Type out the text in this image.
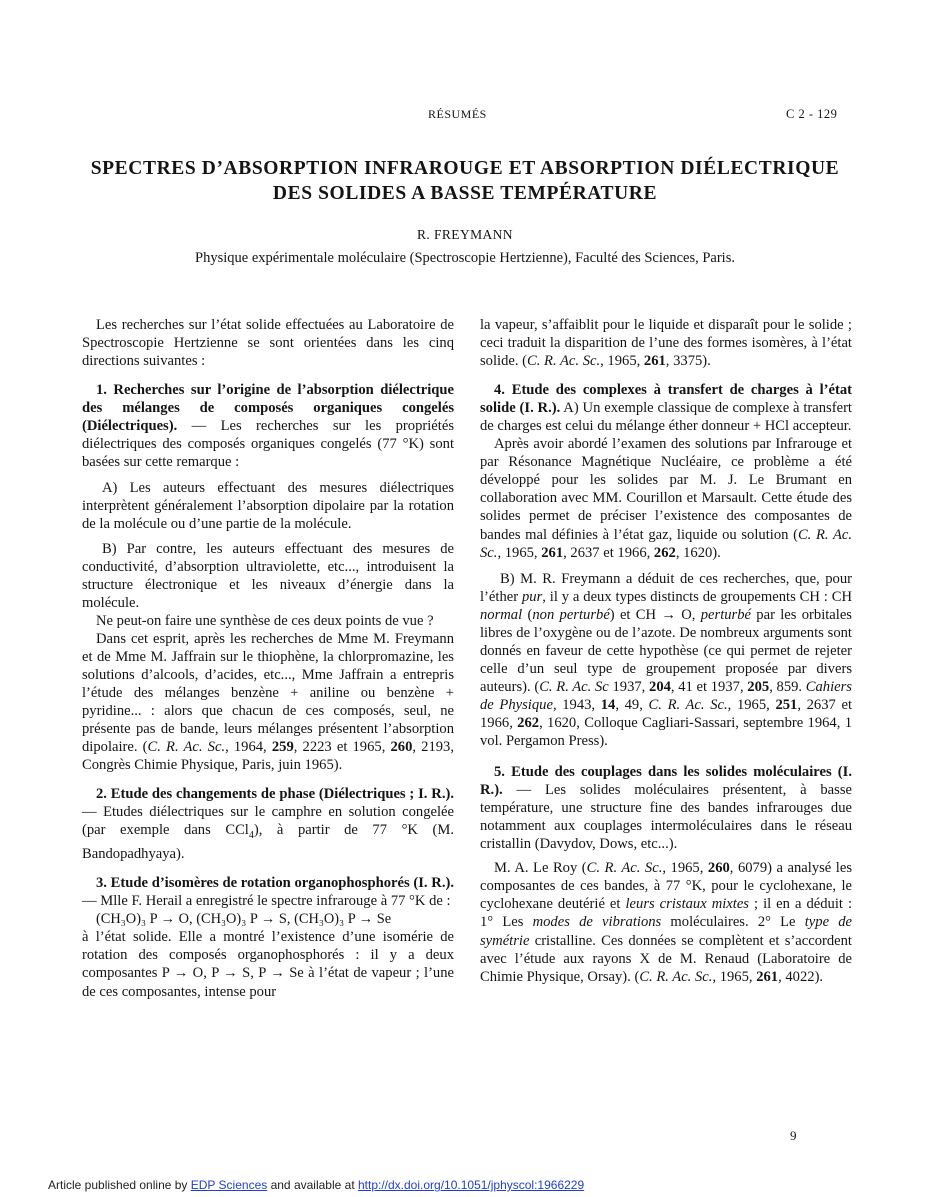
RÉSUMÉS	C 2 - 129
SPECTRES D’ABSORPTION INFRAROUGE ET ABSORPTION DIÉLECTRIQUE
DES SOLIDES A BASSE TEMPÉRATURE
R. FREYMANN
Physique expérimentale moléculaire (Spectroscopie Hertzienne), Faculté des Sciences, Paris.

Les recherches sur l’état solide effectuées au Laboratoire de Spectroscopie Hertzienne se sont orientées dans les cinq directions suivantes :

1. Recherches sur l’origine de l’absorption diélectrique des mélanges de composés organiques congelés (Diélectriques). — Les recherches sur les propriétés diélectriques des composés organiques congelés (77 °K) sont basées sur cette remarque :

A) Les auteurs effectuant des mesures diélectriques interprètent généralement l’absorption dipolaire par la rotation de la molécule ou d’une partie de la molécule.

B) Par contre, les auteurs effectuant des mesures de conductivité, d’absorption ultraviolette, etc..., introduisent la structure électronique et les niveaux d’énergie dans la molécule.

Ne peut-on faire une synthèse de ces deux points de vue ?

Dans cet esprit, après les recherches de Mme M. Freymann et de Mme M. Jaffrain sur le thiophène, la chlorpromazine, les solutions d’alcools, d’acides, etc..., Mme Jaffrain a entrepris l’étude des mélanges benzène + aniline ou benzène + pyridine... : alors que chacun de ces composés, seul, ne présente pas de bande, leurs mélanges présentent l’absorption dipolaire. (C. R. Ac. Sc., 1964, 259, 2223 et 1965, 260, 2193, Congrès Chimie Physique, Paris, juin 1965).

2. Etude des changements de phase (Diélectriques ; I. R.). — Etudes diélectriques sur le camphre en solution congelée (par exemple dans CCl$_4$), à partir de 77 °K (M. Bandopadhyaya).

3. Etude d’isomères de rotation organophosphorés (I. R.). — Mlle F. Herail a enregistré le spectre infrarouge à 77 °K de :

(CH₃O)₃ P → O, (CH₃O)₃ P → S, (CH₃O)₃ P → Se

à l’état solide. Elle a montré l’existence d’une isomérie de rotation des composés organophosphorés : il y a deux composantes P → O, P → S, P → Se à l’état de vapeur ; l’une de ces composantes, intense pour

la vapeur, s’affaiblit pour le liquide et disparaît pour le solide ; ceci traduit la disparition de l’une des formes isomères, à l’état solide. (C. R. Ac. Sc., 1965, 261, 3375).

4. Etude des complexes à transfert de charges à l’état solide (I. R.). A) Un exemple classique de complexe à transfert de charges est celui du mélange éther donneur + HCl accepteur.

Après avoir abordé l’examen des solutions par Infrarouge et par Résonance Magnétique Nucléaire, ce problème a été développé pour les solides par M. J. Le Brumant en collaboration avec MM. Courillon et Marsault. Cette étude des solides permet de préciser l’existence des composantes de bandes mal définies à l’état gaz, liquide ou solution (C. R. Ac. Sc., 1965, 261, 2637 et 1966, 262, 1620).

B) M. R. Freymann a déduit de ces recherches, que, pour l’éther pur, il y a deux types distincts de groupements CH : CH normal (non perturbé) et CH → O, perturbé par les orbitales libres de l’oxygène ou de l’azote. De nombreux arguments sont donnés en faveur de cette hypothèse (ce qui permet de rejeter celle d’un seul type de groupement proposée par divers auteurs). (C. R. Ac. Sc 1937, 204, 41 et 1937, 205, 859. Cahiers de Physique, 1943, 14, 49, C. R. Ac. Sc., 1965, 251, 2637 et 1966, 262, 1620, Colloque Cagliari-Sassari, septembre 1964, 1 vol. Pergamon Press).

5. Etude des couplages dans les solides moléculaires (I. R.). — Les solides moléculaires présentent, à basse température, une structure fine des bandes infrarouges due notamment aux couplages intermoléculaires dans le réseau cristallin (Davydov, Dows, etc...).

M. A. Le Roy (C. R. Ac. Sc., 1965, 260, 6079) a analysé les composantes de ces bandes, à 77 °K, pour le cyclohexane, le cyclohexane deutérié et leurs cristaux mixtes ; il en a déduit : 1° Les modes de vibrations moléculaires. 2° Le type de symétrie cristalline. Ces données se complètent et s’accordent avec l’étude aux rayons X de M. Renaud (Laboratoire de Chimie Physique, Orsay). (C. R. Ac. Sc., 1965, 261, 4022).

9
Article published online by EDP Sciences and available at http://dx.doi.org/10.1051/jphyscol:1966229
